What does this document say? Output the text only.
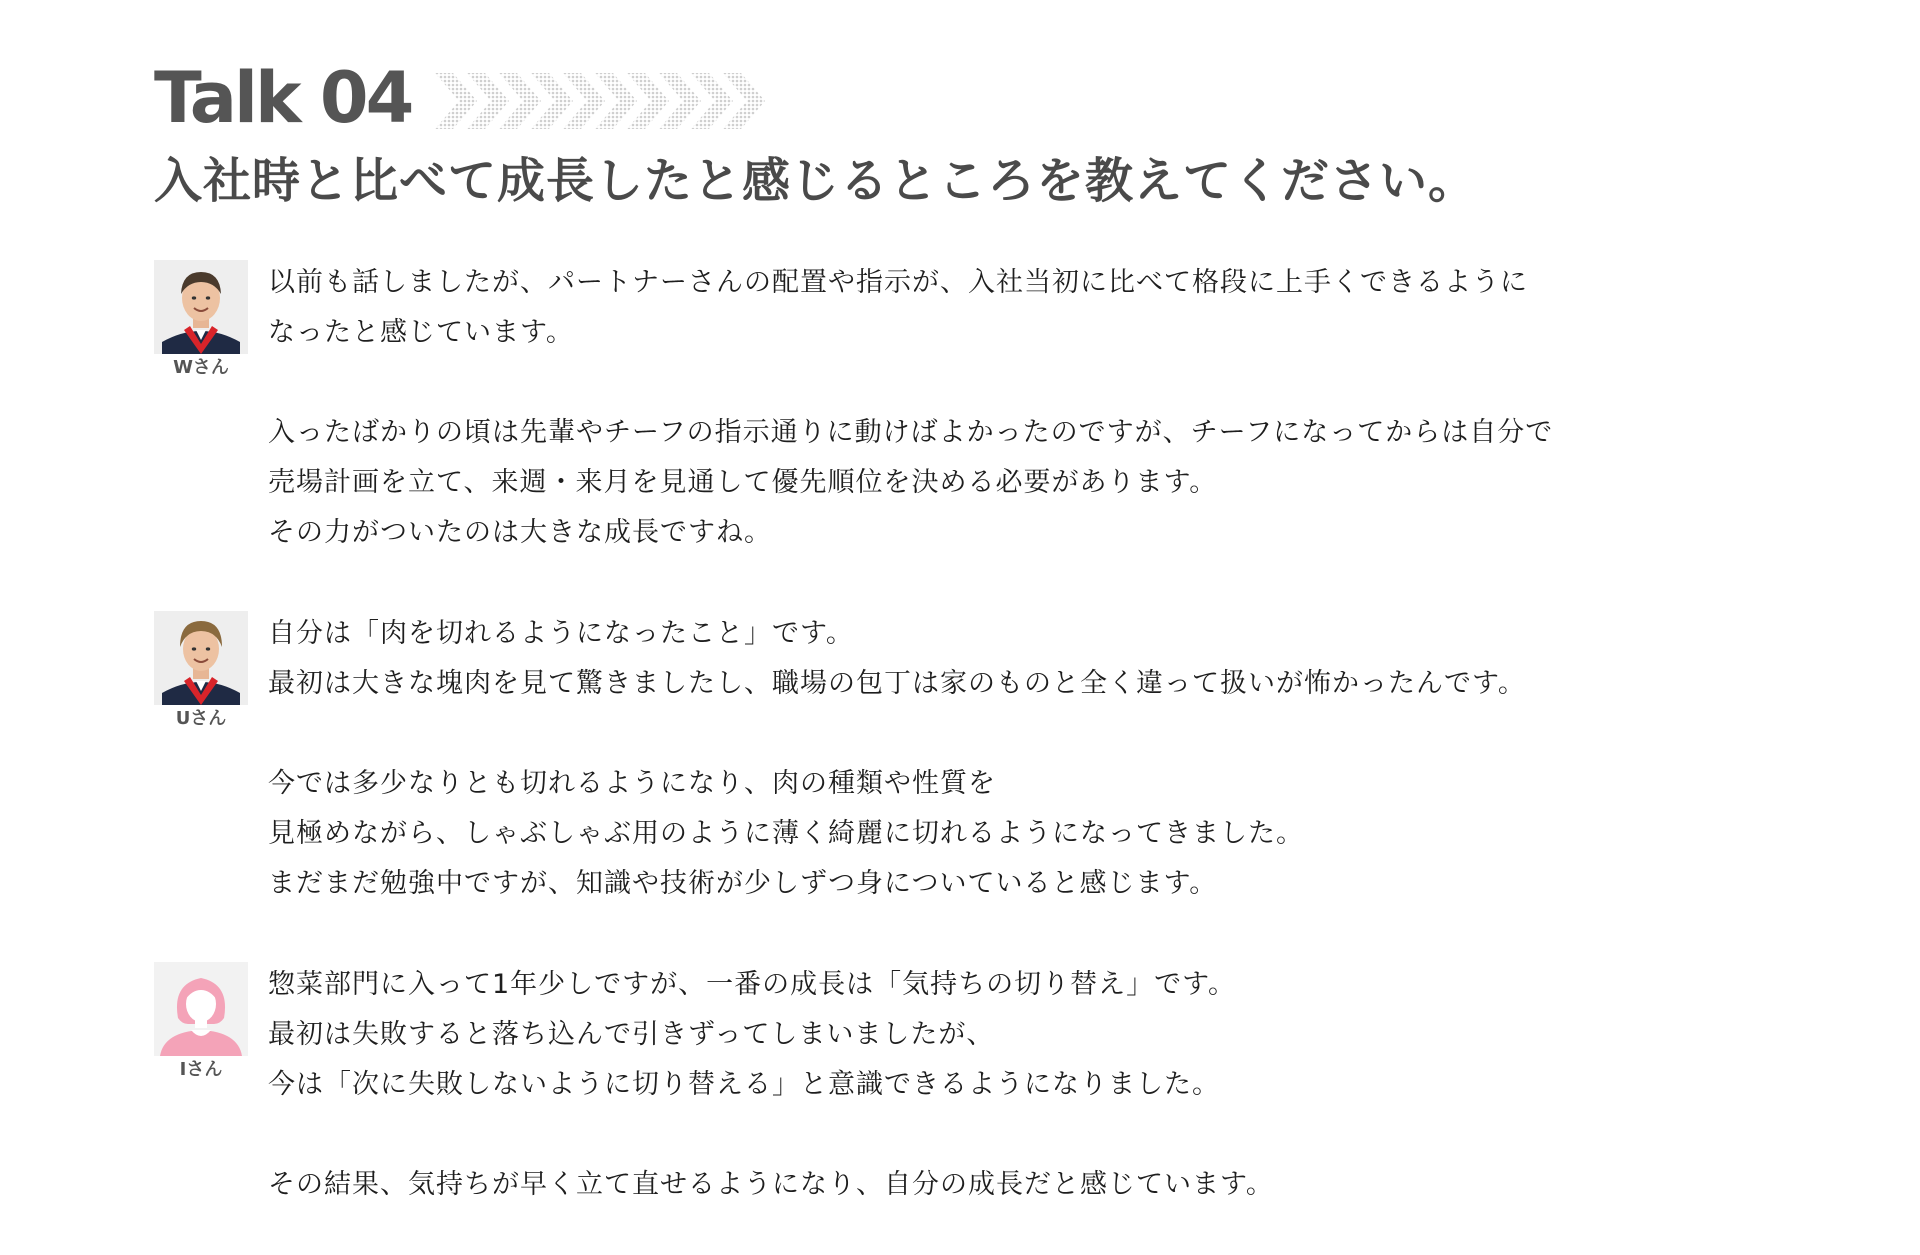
Talk 04
入社時と比べて成長したと感じるところを教えてください。
Wさん

以前も話しましたが、パートナーさんの配置や指示が、入社当初に比べて格段に上手くできるように
なったと感じています。

入ったばかりの頃は先輩やチーフの指示通りに動けばよかったのですが、チーフになってからは自分で
売場計画を立て、来週・来月を見通して優先順位を決める必要があります。
その力がついたのは大きな成長ですね。

Uさん

自分は「肉を切れるようになったこと」です。
最初は大きな塊肉を見て驚きましたし、職場の包丁は家のものと全く違って扱いが怖かったんです。

今では多少なりとも切れるようになり、肉の種類や性質を
見極めながら、しゃぶしゃぶ用のように薄く綺麗に切れるようになってきました。
まだまだ勉強中ですが、知識や技術が少しずつ身についていると感じます。

Iさん

惣菜部門に入って1年少しですが、一番の成長は「気持ちの切り替え」です。
最初は失敗すると落ち込んで引きずってしまいましたが、
今は「次に失敗しないように切り替える」と意識できるようになりました。

その結果、気持ちが早く立て直せるようになり、自分の成長だと感じています。
